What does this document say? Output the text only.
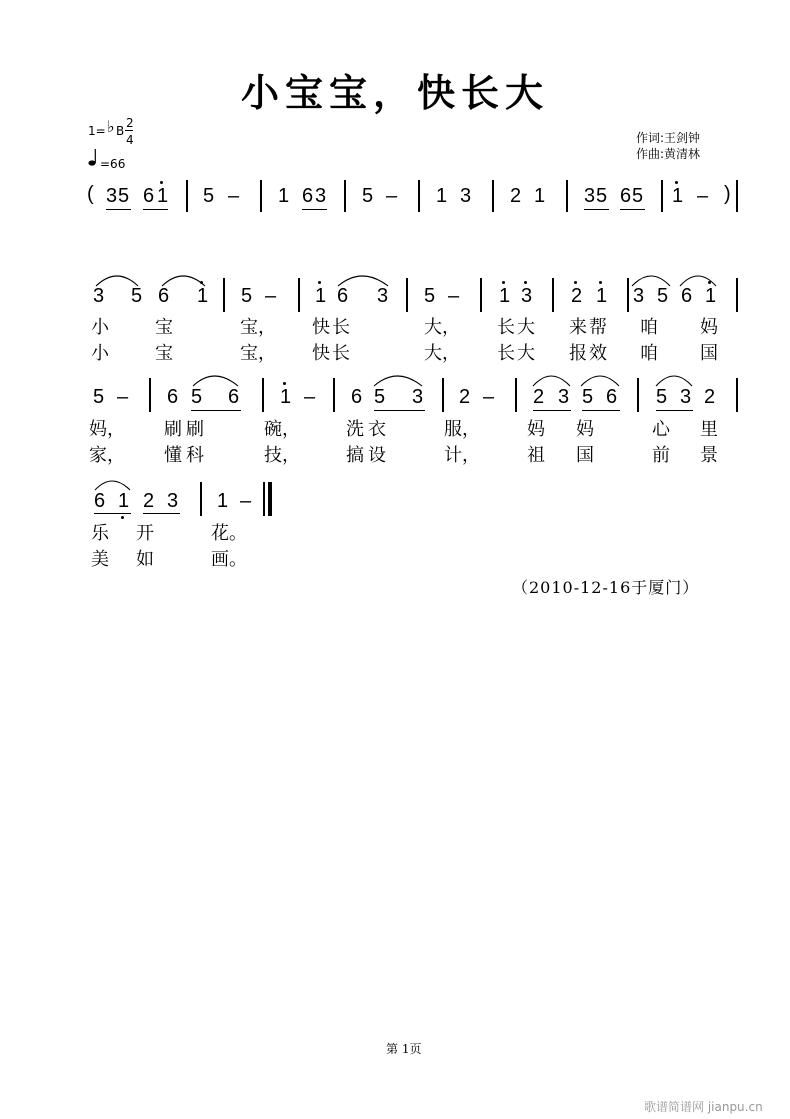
小宝宝，快长大
1= ♭ B
2
4
=66
作词:王剑钟
作曲:黄清林
( 3 5 6 1 5 – 1 6 3 5 – 1 3 2 1 3 5 6 5 1 – )
3 5 6 1 5 – 1 6 3 5 – 1 3 2 1 3 5 6 1
小	宝	宝， 快长	大， 长大 来帮 咱 妈
小	宝	宝， 快长	大， 长大 报效 咱 国
5 – 6 5 6 1 – 6 5 3 2 – 2 3 5 6 5 3 2
妈， 刷刷	碗，	洗衣	服，	妈 妈	心 里
家， 懂科	技，	搞设	计，	祖 国	前 景
6 1 2 3 1 –
乐 开	花。
美 如	画。
（2010-12-16于厦门）
第 1页
歌谱简谱网 jianpu.cn
